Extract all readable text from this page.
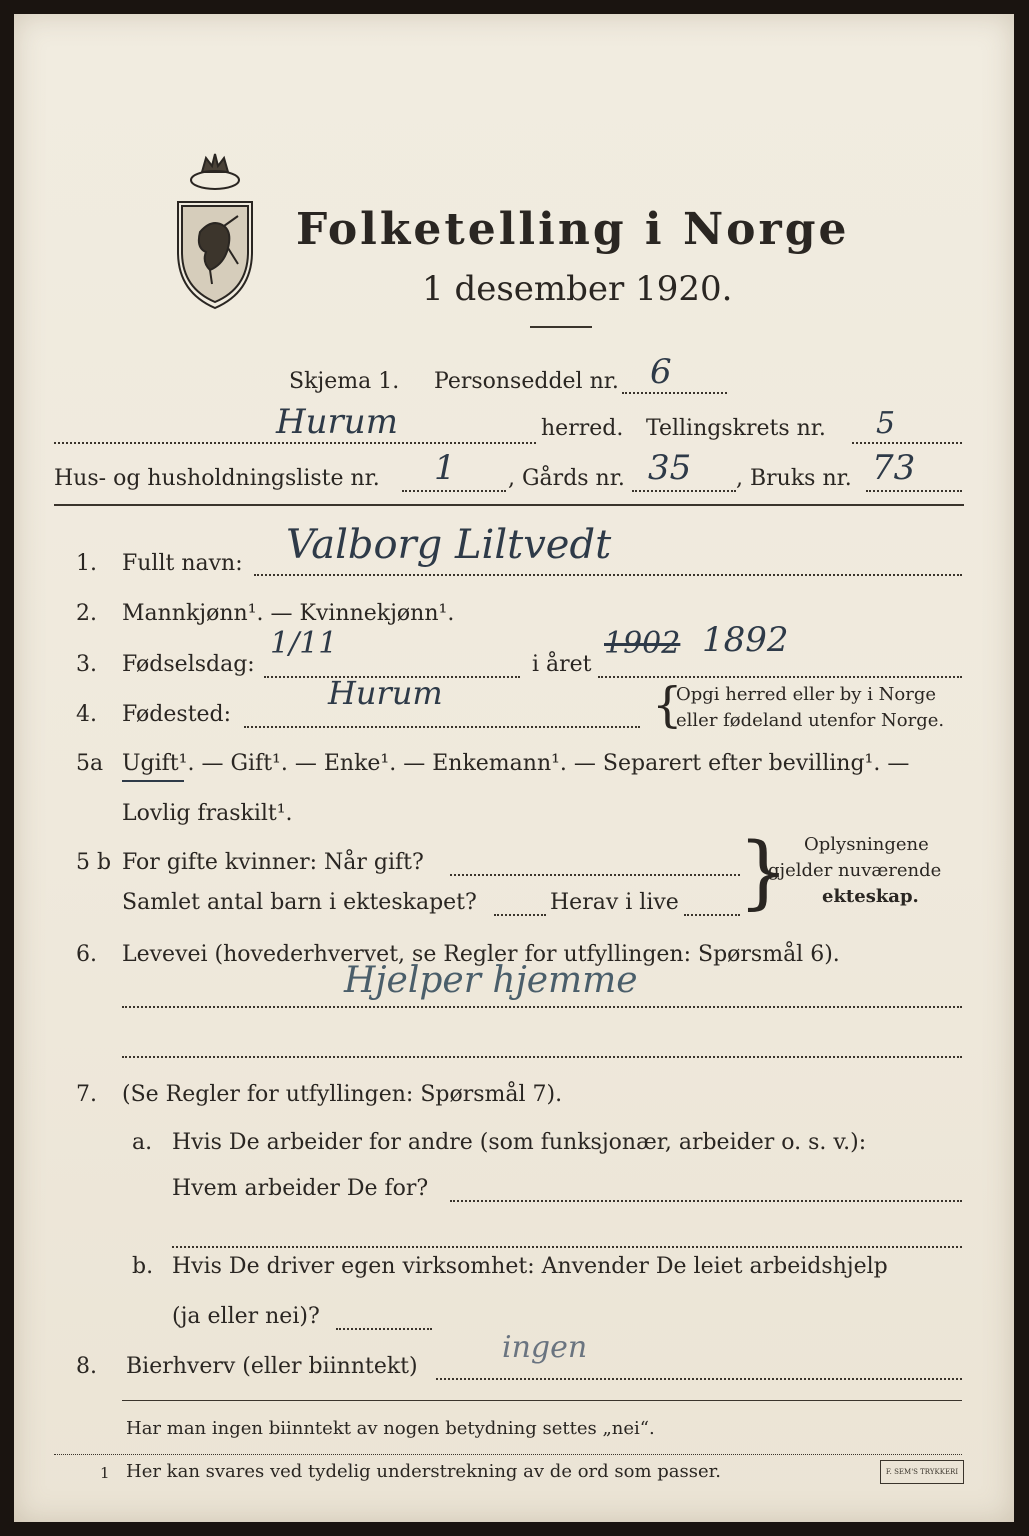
Folketelling i Norge
1 desember 1920.
Skjema 1. Personseddel nr. 6
Hurum	herred. Tellingskrets nr. 5
Hus- og husholdningsliste nr. 1 , Gårds nr. 35 , Bruks nr. 73
1. Fullt navn: Valborg Liltvedt
2. Mannkjønn¹. — Kvinnekjønn¹.
3. Fødselsdag:
1/11
i året
1902 1892
4. Fødested:
Hurum	{
Opgi herred eller by i Norge
eller fødeland utenfor Norge.
5a Ugift¹. — Gift¹. — Enke¹. — Enkemann¹. — Separert efter bevilling¹. —
Lovlig fraskilt¹.
5 b For gifte kvinner: Når gift?
Samlet antal barn i ekteskapet?	Herav i live { Oplysningene
gjelder nuværende
ekteskap.
6. Levevei (hovederhvervet, se Regler for utfyllingen: Spørsmål 6).
Hjelper hjemme
7. (Se Regler for utfyllingen: Spørsmål 7).
a. Hvis De arbeider for andre (som funksjonær, arbeider o. s. v.):
Hvem arbeider De for?
b. Hvis De driver egen virksomhet: Anvender De leiet arbeidshjelp
(ja eller nei)?
8. Bierhverv (eller biinntekt)
ingen
Har man ingen biinntekt av nogen betydning settes „nei“.
1 Her kan svares ved tydelig understrekning av de ord som passer.	F. SEM'S TRYKKERI
